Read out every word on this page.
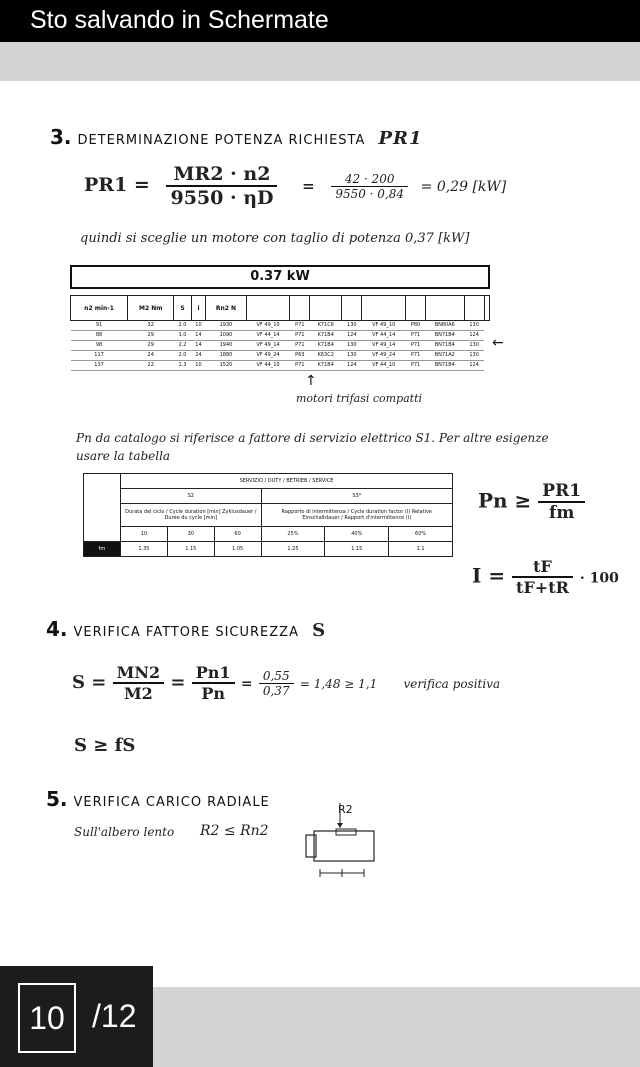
Sto salvando in Schermate
3. DETERMINAZIONE POTENZA RICHIESTA PR1
$PR1 = \frac{MR2 \cdot n2}{9550 \cdot \eta D} = \frac{42 \cdot 200}{9550 \cdot 0,84} = 0,29$ [kW]
quindi si sceglie un motore con taglio di potenza 0,37 [kW]
0.37 kW
n2 min-1	M2 Nm	S	i	Rn2 N									
91	32	2.0	10	1930	VF 49_10	P71	K71C6	130	VF 49_10	P80	BN80A6	130	
88	29	1.0	14	1090	VF 44_14	P71	K71B4	124	VF 44_14	P71	BN71B4	124	
98	29	2.2	14	1940	VF 49_14	P71	K71B4	130	VF 49_14	P71	BN71B4	130	
117	24	2.0	24	1880	VF 49_24	P63	K63C2	130	VF 49_24	P71	BN71A2	130	
137	22	1.3	10	1520	VF 44_10	P71	K71B4	124	VF 44_10	P71	BN71B4	124	
←
↑
motori trifasi compatti
Pn da catalogo si riferisce a fattore di servizio elettrico S1. Per altre esigenze
usare la tabella
	SERVIZIO / DUTY / BETRIEB / SERVICE					
	S2			S3*		
	Durata del ciclo / Cycle duration [min] Zyklusdauer / Durée du cycle [min]			Rapporto di intermittenza / Cycle duration factor (I) Relative Einschaltdauer / Rapport d'intermittence (I)		
	10	30	60	25%	40%	60%
fm	1.35	1.15	1.05	1.25	1.15	1.1
$Pn \ge \frac{PR1}{fm}$
$I = \frac{tF}{tF+tR} \cdot 100$
4. VERIFICA FATTORE SICUREZZA S
$S = \frac{MN2}{M2} = \frac{Pn1}{Pn} = \frac{0,55}{0,37} = 1,48 \ge 1,1$ verifica positiva
S ≥ fS
5. VERIFICA CARICO RADIALE
Sull'albero lento R2 ≤ Rn2
R2
10 /12
